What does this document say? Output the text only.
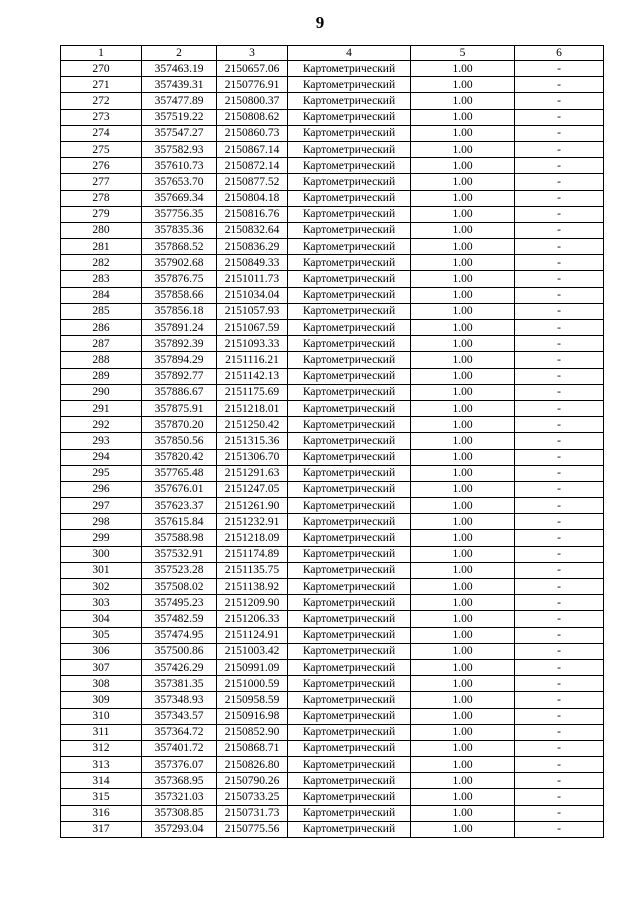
9
1	2	3	4	5	6
270	357463.19	2150657.06	Картометрический	1.00	-
271	357439.31	2150776.91	Картометрический	1.00	-
272	357477.89	2150800.37	Картометрический	1.00	-
273	357519.22	2150808.62	Картометрический	1.00	-
274	357547.27	2150860.73	Картометрический	1.00	-
275	357582.93	2150867.14	Картометрический	1.00	-
276	357610.73	2150872.14	Картометрический	1.00	-
277	357653.70	2150877.52	Картометрический	1.00	-
278	357669.34	2150804.18	Картометрический	1.00	-
279	357756.35	2150816.76	Картометрический	1.00	-
280	357835.36	2150832.64	Картометрический	1.00	-
281	357868.52	2150836.29	Картометрический	1.00	-
282	357902.68	2150849.33	Картометрический	1.00	-
283	357876.75	2151011.73	Картометрический	1.00	-
284	357858.66	2151034.04	Картометрический	1.00	-
285	357856.18	2151057.93	Картометрический	1.00	-
286	357891.24	2151067.59	Картометрический	1.00	-
287	357892.39	2151093.33	Картометрический	1.00	-
288	357894.29	2151116.21	Картометрический	1.00	-
289	357892.77	2151142.13	Картометрический	1.00	-
290	357886.67	2151175.69	Картометрический	1.00	-
291	357875.91	2151218.01	Картометрический	1.00	-
292	357870.20	2151250.42	Картометрический	1.00	-
293	357850.56	2151315.36	Картометрический	1.00	-
294	357820.42	2151306.70	Картометрический	1.00	-
295	357765.48	2151291.63	Картометрический	1.00	-
296	357676.01	2151247.05	Картометрический	1.00	-
297	357623.37	2151261.90	Картометрический	1.00	-
298	357615.84	2151232.91	Картометрический	1.00	-
299	357588.98	2151218.09	Картометрический	1.00	-
300	357532.91	2151174.89	Картометрический	1.00	-
301	357523.28	2151135.75	Картометрический	1.00	-
302	357508.02	2151138.92	Картометрический	1.00	-
303	357495.23	2151209.90	Картометрический	1.00	-
304	357482.59	2151206.33	Картометрический	1.00	-
305	357474.95	2151124.91	Картометрический	1.00	-
306	357500.86	2151003.42	Картометрический	1.00	-
307	357426.29	2150991.09	Картометрический	1.00	-
308	357381.35	2151000.59	Картометрический	1.00	-
309	357348.93	2150958.59	Картометрический	1.00	-
310	357343.57	2150916.98	Картометрический	1.00	-
311	357364.72	2150852.90	Картометрический	1.00	-
312	357401.72	2150868.71	Картометрический	1.00	-
313	357376.07	2150826.80	Картометрический	1.00	-
314	357368.95	2150790.26	Картометрический	1.00	-
315	357321.03	2150733.25	Картометрический	1.00	-
316	357308.85	2150731.73	Картометрический	1.00	-
317	357293.04	2150775.56	Картометрический	1.00	-
